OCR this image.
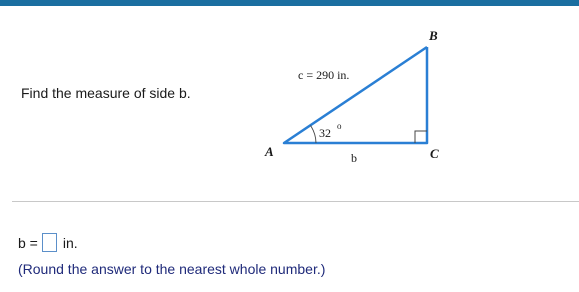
Find the measure of side b.
c = 290 in.
32 o
b
A
B
C
b = in.
(Round the answer to the nearest whole number.)
